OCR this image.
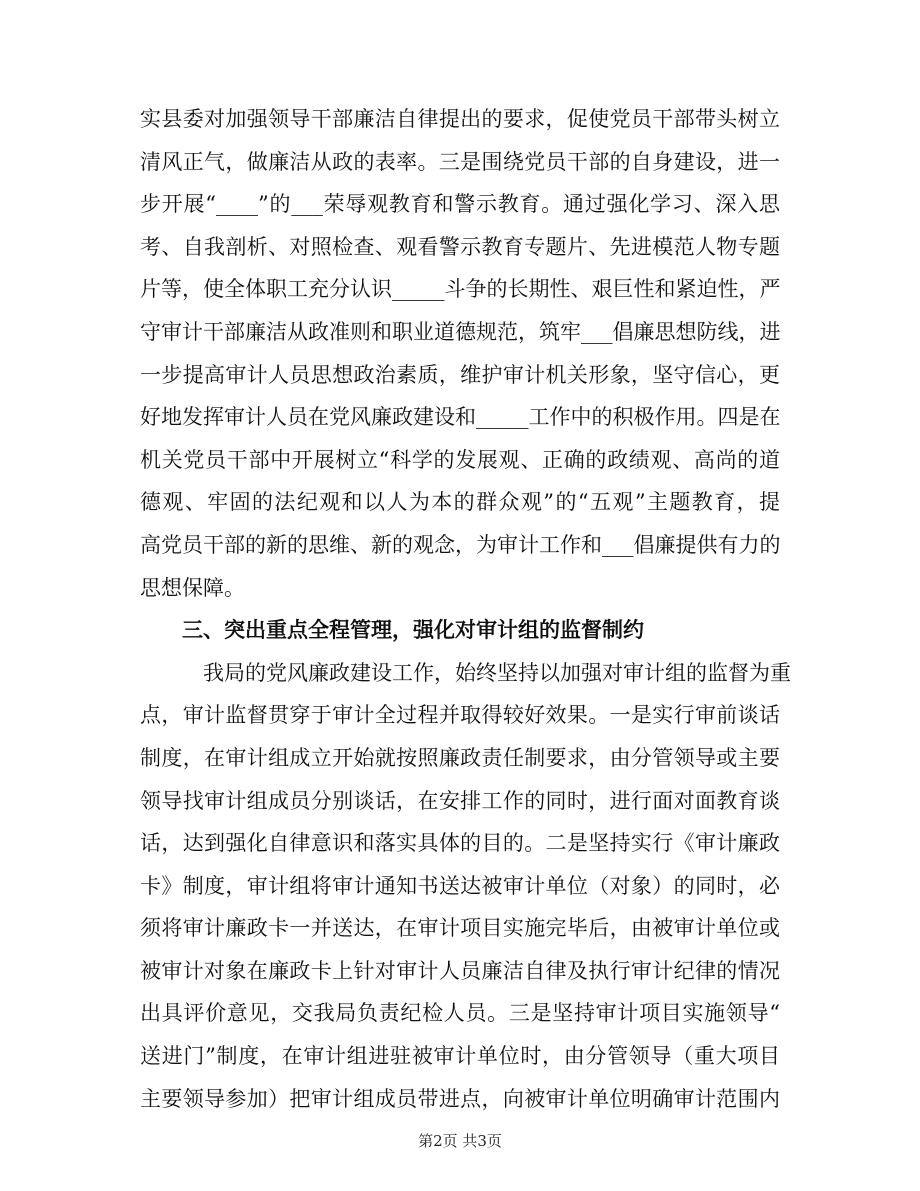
实县委对加强领导干部廉洁自律提出的要求，促使党员干部带头树立
清风正气，做廉洁从政的表率。三是围绕党员干部的自身建设，进一
步开展“____”的___荣辱观教育和警示教育。通过强化学习、深入思
考、自我剖析、对照检查、观看警示教育专题片、先进模范人物专题
片等，使全体职工充分认识_____斗争的长期性、艰巨性和紧迫性，严
守审计干部廉洁从政准则和职业道德规范，筑牢___倡廉思想防线，进
一步提高审计人员思想政治素质，维护审计机关形象，坚守信心，更
好地发挥审计人员在党风廉政建设和_____工作中的积极作用。四是在
机关党员干部中开展树立“科学的发展观、正确的政绩观、高尚的道
德观、牢固的法纪观和以人为本的群众观”的“五观”主题教育，提
高党员干部的新的思维、新的观念，为审计工作和___倡廉提供有力的
思想保障。
三、突出重点全程管理，强化对审计组的监督制约
我局的党风廉政建设工作，始终坚持以加强对审计组的监督为重
点，审计监督贯穿于审计全过程并取得较好效果。一是实行审前谈话
制度，在审计组成立开始就按照廉政责任制要求，由分管领导或主要
领导找审计组成员分别谈话，在安排工作的同时，进行面对面教育谈
话，达到强化自律意识和落实具体的目的。二是坚持实行《审计廉政
卡》制度，审计组将审计通知书送达被审计单位（对象）的同时，必
须将审计廉政卡一并送达，在审计项目实施完毕后，由被审计单位或
被审计对象在廉政卡上针对审计人员廉洁自律及执行审计纪律的情况
出具评价意见，交我局负责纪检人员。三是坚持审计项目实施领导“
送进门”制度，在审计组进驻被审计单位时，由分管领导（重大项目
主要领导参加）把审计组成员带进点，向被审计单位明确审计范围内
第2页 共3页
